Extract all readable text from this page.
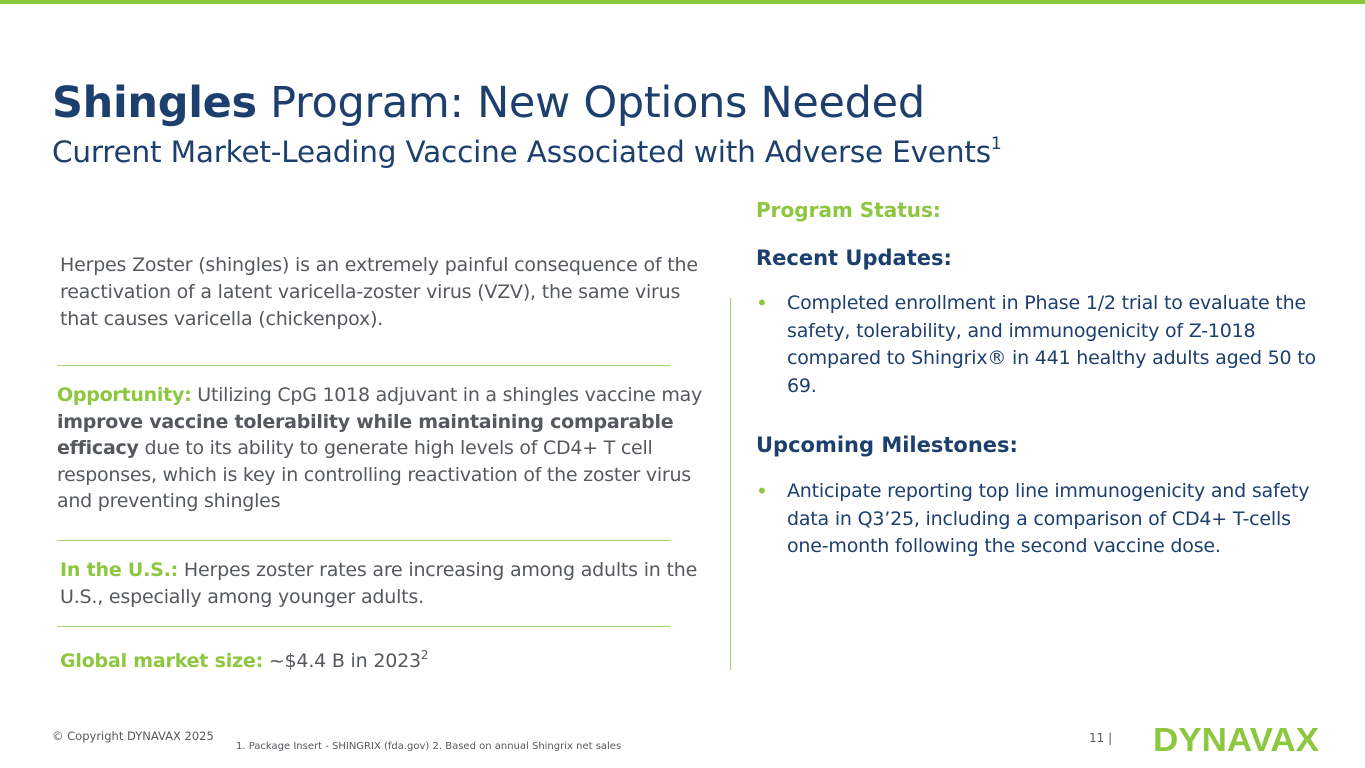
Shingles Program: New Options Needed
Current Market-Leading Vaccine Associated with Adverse Events$^1$

Herpes Zoster (shingles) is an extremely painful consequence of the reactivation of a latent varicella-zoster virus (VZV), the same virus that causes varicella (chickenpox).

Opportunity: Utilizing CpG 1018 adjuvant in a shingles vaccine may improve vaccine tolerability while maintaining comparable efficacy due to its ability to generate high levels of CD4+ T cell responses, which is key in controlling reactivation of the zoster virus and preventing shingles

In the U.S.: Herpes zoster rates are increasing among adults in the U.S., especially among younger adults.

Global market size: ~$4.4 B in 2023$^2$

Program Status:
Recent Updates:
•	Completed enrollment in Phase 1/2 trial to evaluate the safety, tolerability, and immunogenicity of Z-1018 compared to Shingrix® in 441 healthy adults aged 50 to 69.
Upcoming Milestones:
•	Anticipate reporting top line immunogenicity and safety data in Q3’25, including a comparison of CD4+ T-cells one-month following the second vaccine dose.
© Copyright DYNAVAX 2025
1. Package Insert - SHINGRIX (fda.gov) 2. Based on annual Shingrix net sales
11 | DYNAVAX
